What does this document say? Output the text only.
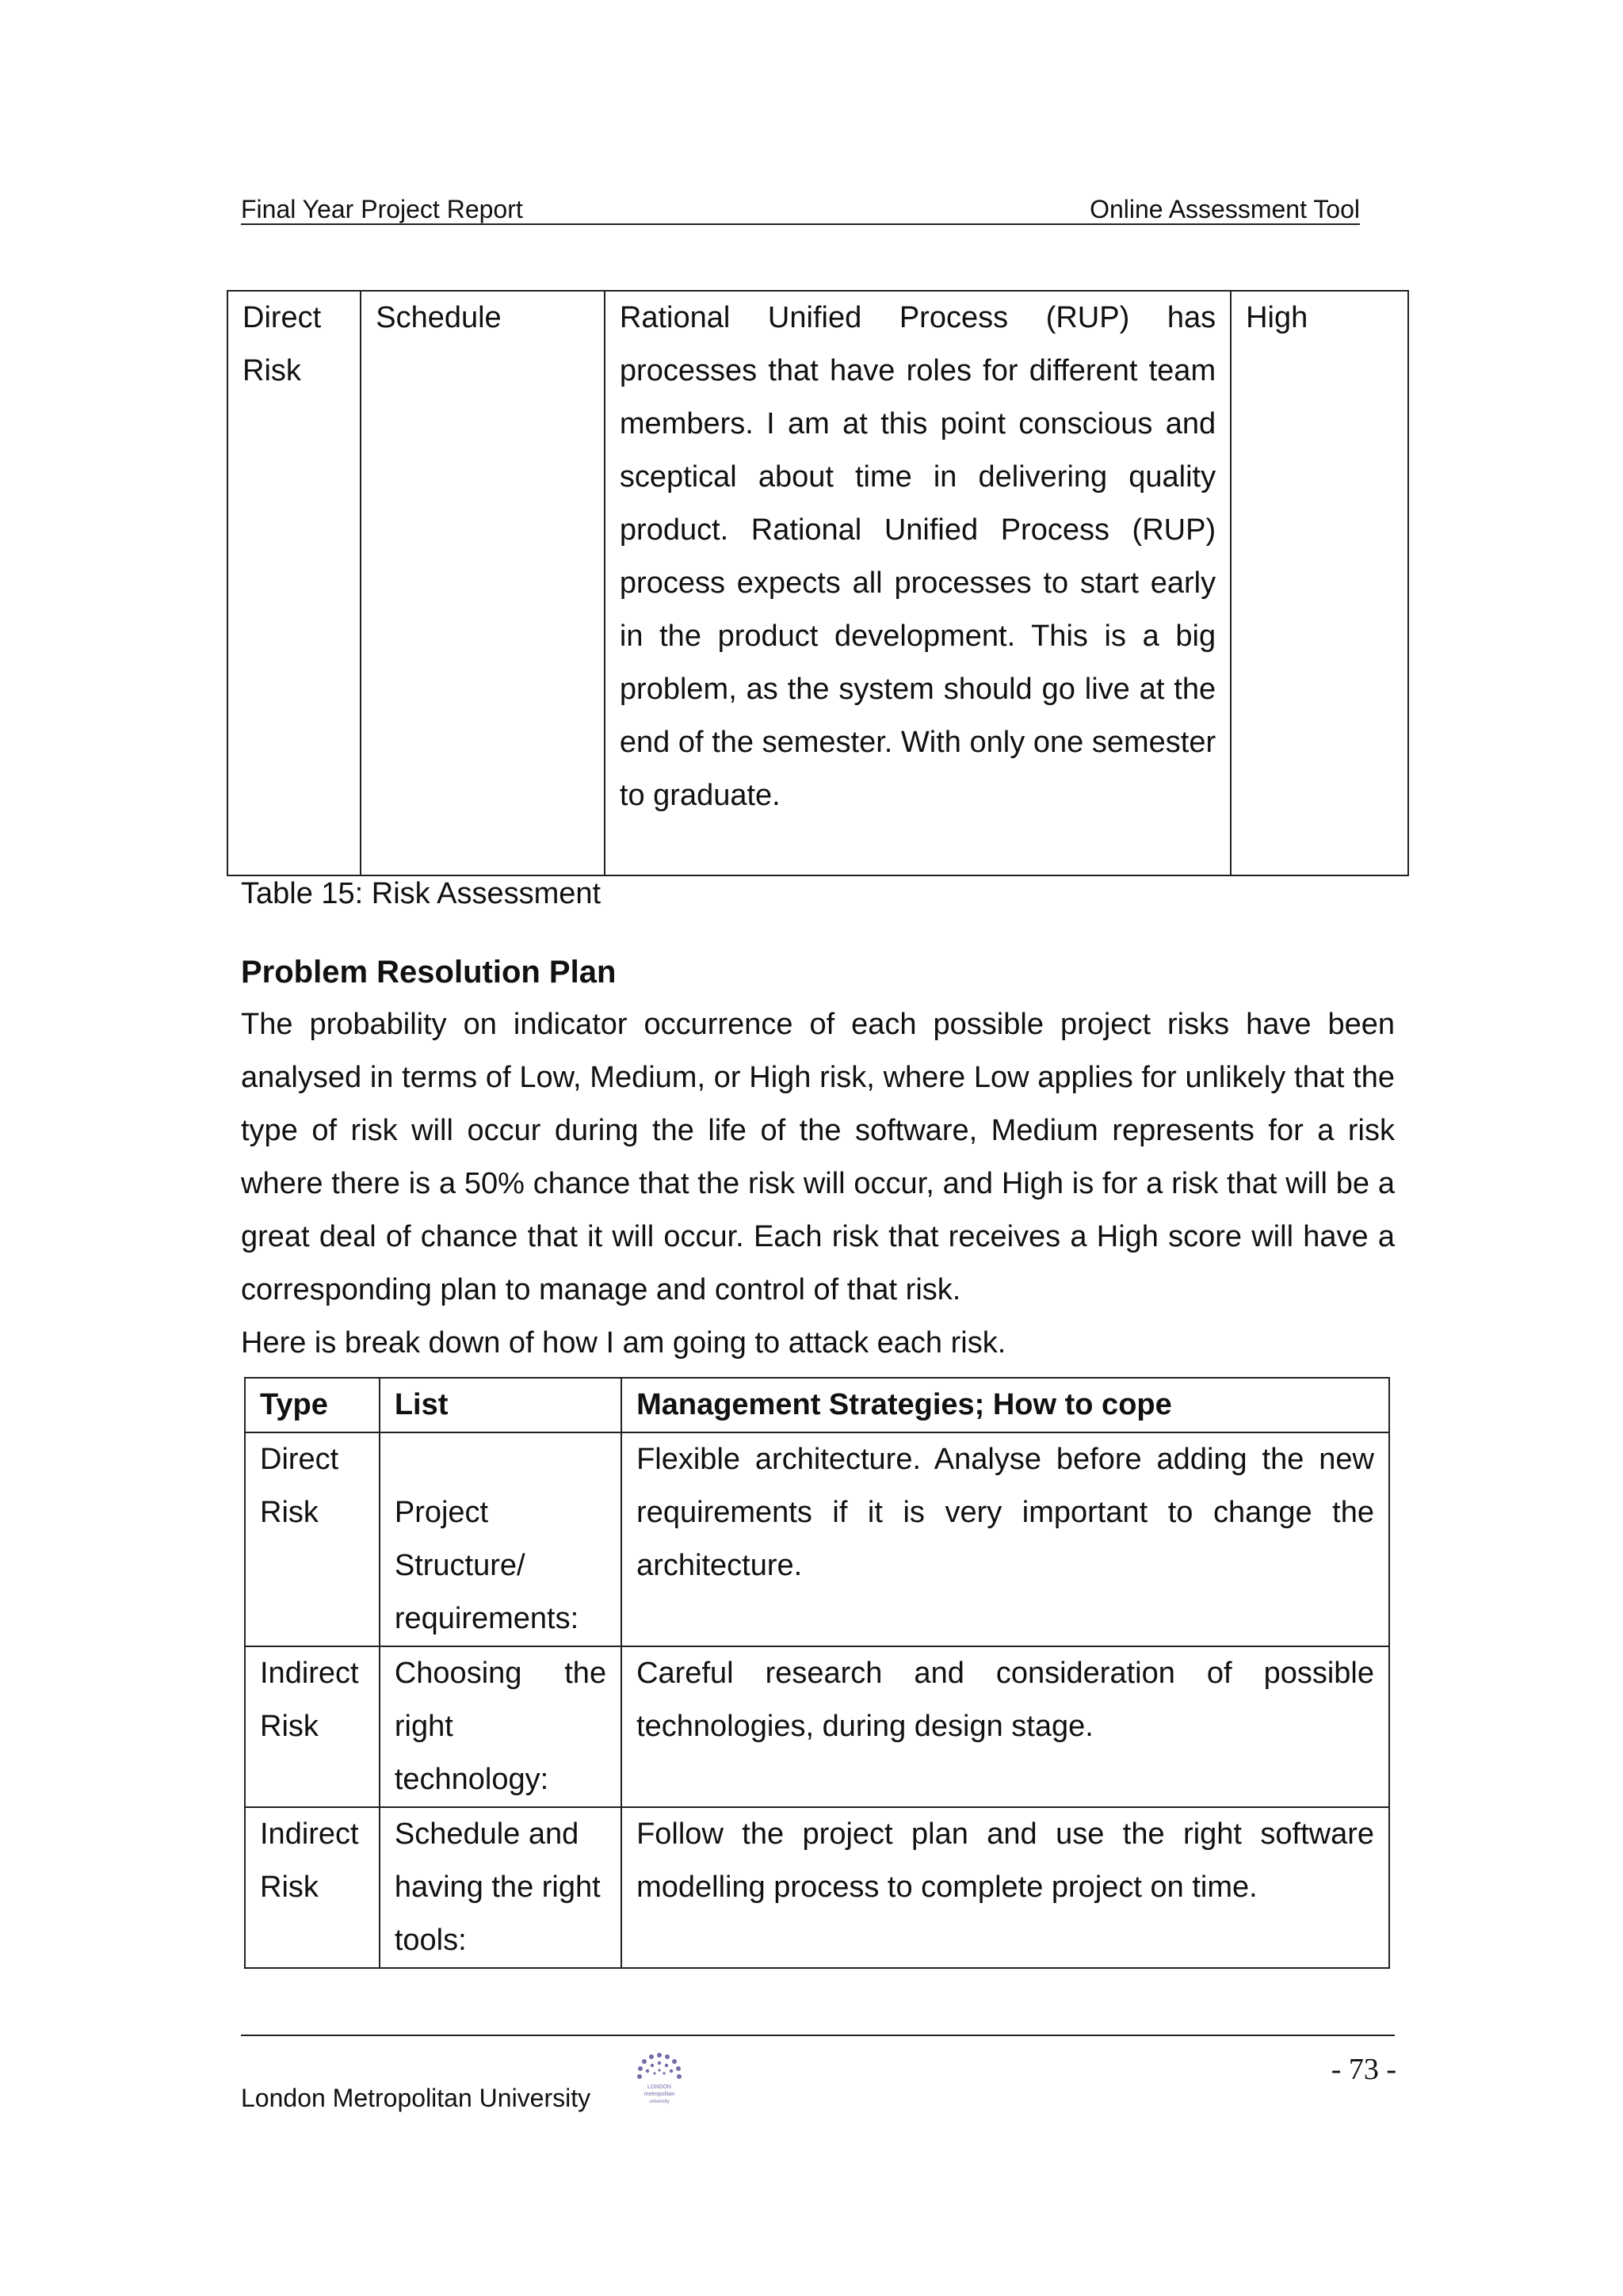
Final Year Project Report	Online Assessment Tool
Direct Risk	Schedule	Rational Unified Process (RUP) has processes that have roles for different team members. I am at this point conscious and sceptical about time in delivering quality product. Rational Unified Process (RUP) process expects all processes to start early in the product development. This is a big problem, as the system should go live at the end of the semester. With only one semester to graduate.	High
Table 15: Risk Assessment
Problem Resolution Plan
The probability on indicator occurrence of each possible project risks have been analysed in terms of Low, Medium, or High risk, where Low applies for unlikely that the type of risk will occur during the life of the software, Medium represents for a risk where there is a 50% chance that the risk will occur, and High is for a risk that will be a great deal of chance that it will occur. Each risk that receives a High score will have a corresponding plan to manage and control of that risk.
Here is break down of how I am going to attack each risk.
Type	List	Management Strategies; How to cope
Direct Risk	Project Structure/ requirements:	Flexible architecture. Analyse before adding the new requirements if it is very important to change the architecture.
Indirect Risk	Choosing the right technology:	Careful research and consideration of possible technologies, during design stage.
Indirect Risk	Schedule and having the right tools:	Follow the project plan and use the right software modelling process to complete project on time.
- 73 -
London Metropolitan University	LONDON
metropolitan
university
